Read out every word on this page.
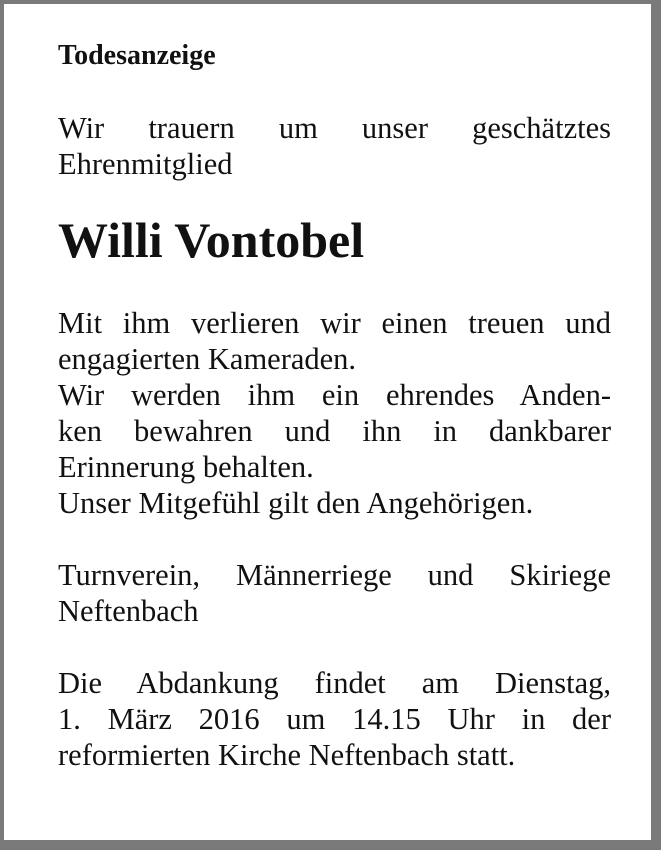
Todesanzeige

Wir trauern um unser geschätztes

Ehrenmitglied

Willi Vontobel

Mit ihm verlieren wir einen treuen und

engagierten Kameraden.

Wir werden ihm ein ehrendes Anden-

ken bewahren und ihn in dankbarer

Erinnerung behalten.

Unser Mitgefühl gilt den Angehörigen.

Turnverein, Männerriege und Skiriege

Neftenbach

Die Abdankung findet am Dienstag,

1. März 2016 um 14.15 Uhr in der

reformierten Kirche Neftenbach statt.
